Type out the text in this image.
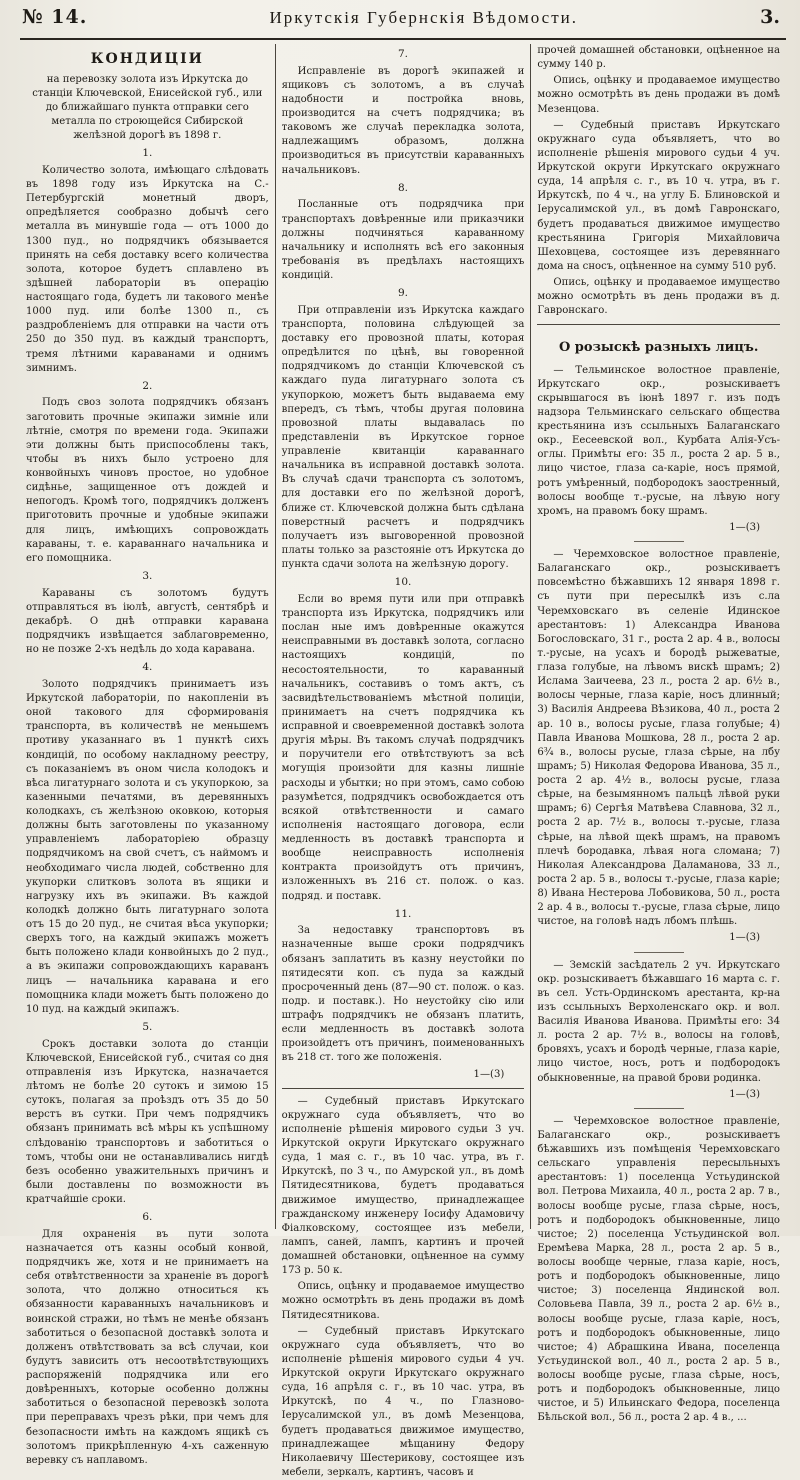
№ 14.	Иркутскiя Губернскiя Вѣдомости.	3.
КОНДИЦIИ

на перевозку золота изъ Иркутска до станцiи Ключевской, Енисейской губ., или до ближайшаго пункта отправки сего металла по строющейся Сибирской желѣзной дорогѣ въ 1898 г.

1.

Количество золота, имѣющаго слѣдовать въ 1898 году изъ Иркутска на С.-Петербургскiй монетный дворъ, опредѣляется сообразно добычѣ сего металла въ минувшiе года — отъ 1000 до 1300 пуд., но подрядчикъ обязывается принять на себя доставку всего количества золота, которое будетъ сплавлено въ здѣшней лабораторiи въ операцiю настоящаго года, будетъ ли такового менѣе 1000 пуд. или болѣе 1300 п., съ раздробленiемъ для отправки на части отъ 250 до 350 пуд. въ каждый транспортъ, тремя лѣтними караванами и однимъ зимнимъ.

2.

Подъ своз золота подрядчикъ обязанъ заготовить прочные экипажи зимнiе или лѣтнiе, смотря по времени года. Экипажи эти должны быть приспособлены такъ, чтобы въ нихъ было устроено для конвойныхъ чиновъ простое, но удобное сидѣнье, защищенное отъ дождей и непогодъ. Кромѣ того, подрядчикъ долженъ приготовить прочные и удобные экипажи для лицъ, имѣющихъ сопровождать караваны, т. е. караваннаго начальника и его помощника.

3.

Караваны съ золотомъ будутъ отправляться въ iюлѣ, августѣ, сентябрѣ и декабрѣ. О днѣ отправки каравана подрядчикъ извѣщается заблаговременно, но не позже 2-хъ недѣль до хода каравана.

4.

Золото подрядчикъ принимаетъ изъ Иркутской лабораторiи, по накопленiи въ оной такового для сформированiя транспорта, въ количествѣ не меньшемъ противу указаннаго въ 1 пунктѣ сихъ кондицiй, по особому накладному реестру, съ показанiемъ въ оном числа колодокъ и вѣса лигатурнаго золота и съ укупоркою, за казенными печатями, въ деревянныхъ колодкахъ, съ желѣзною оковкою, которыя должны быть заготовлены по указанному управленiемъ лабораторiею образцу подрядчикомъ на свой счетъ, съ наймомъ и необходимаго числа людей, собственно для укупорки слитковъ золота въ ящики и нагрузку ихъ въ экипажи. Въ каждой колодкѣ должно быть лигатурнаго золота отъ 15 до 20 пуд., не считая вѣса укупорки; сверхъ того, на каждый экипажъ можетъ быть положено клади конвойныхъ до 2 пуд., а въ экипажи сопровождающихъ караванъ лицъ — начальника каравана и его помощника клади можетъ быть положено до 10 пуд. на каждый экипажъ.

5.

Срокъ доставки золота до станцiи Ключевской, Енисейской губ., считая со дня отправленiя изъ Иркутска, назначается лѣтомъ не болѣе 20 сутокъ и зимою 15 сутокъ, полагая за проѣздъ отъ 35 до 50 верстъ въ сутки. При чемъ подрядчикъ обязанъ принимать всѣ мѣры къ успѣшному слѣдованiю транспортовъ и заботиться о томъ, чтобы они не останавливались нигдѣ безъ особенно уважительныхъ причинъ и были доставлены по возможности въ кратчайшiе сроки.

6.

Для охраненiя въ пути золота назначается отъ казны особый конвой, подрядчикъ же, хотя и не принимаетъ на себя отвѣтственности за храненiе въ дорогѣ золота, что должно относиться къ обязанности караванныхъ начальниковъ и воинской стражи, но тѣмъ не менѣе обязанъ заботиться о безопасной доставкѣ золота и долженъ отвѣтствовать за всѣ случаи, кои будутъ зависить отъ несоотвѣтствующихъ распоряженiй подрядчика или его довѣренныхъ, которые особенно должны заботиться о безопасной перевозкѣ золота при переправахъ чрезъ рѣки, при чемъ для безопасности имѣть на каждомъ ящикѣ съ золотомъ прикрѣпленную 4-хъ саженную веревку съ наплавомъ.

7.

Исправленiе въ дорогѣ экипажей и ящиковъ съ золотомъ, а въ случаѣ надобности и постройка вновь, производится на счетъ подрядчика; въ таковомъ же случаѣ перекладка золота, надлежащимъ образомъ, должна производиться въ присутствiи караванныхъ начальниковъ.

8.

Посланные отъ подрядчика при транспортахъ довѣренные или приказчики должны подчиняться караванному начальнику и исполнять всѣ его законныя требованiя въ предѣлахъ настоящихъ кондицiй.

9.

При отправленiи изъ Иркутска каждаго транспорта, половина слѣдующей за доставку его провозной платы, которая опредѣлится по цѣнѣ, вы говоренной подрядчикомъ до станцiи Ключевской съ каждаго пуда лигатурнаго золота съ укупоркою, можетъ быть выдаваема ему впередъ, съ тѣмъ, чтобы другая половина провозной платы выдавалась по представленiи въ Иркутское горное управленiе квитанцiи караваннаго начальника въ исправной доставкѣ золота. Въ случаѣ сдачи транспорта съ золотомъ, для доставки его по желѣзной дорогѣ, ближе ст. Ключевской должна быть сдѣлана поверстный расчетъ и подрядчикъ получаетъ изъ выговоренной провозной платы только за разстоянiе отъ Иркутска до пункта сдачи золота на желѣзную дорогу.

10.

Если во время пути или при отправкѣ транспорта изъ Иркутска, подрядчикъ или послан ные имъ довѣренные окажутся неисправными въ доставкѣ золота, согласно настоящихъ кондицiй, по несостоятельности, то караванный начальникъ, составивъ о томъ актъ, съ засвидѣтельствованiемъ мѣстной полицiи, принимаетъ на счетъ подрядчика къ исправной и своевременной доставкѣ золота другiя мѣры. Въ такомъ случаѣ подрядчикъ и поручители его отвѣтствуютъ за всѣ могущiя произойти для казны лишнiе расходы и убытки; но при этомъ, само собою разумѣется, подрядчикъ освобождается отъ всякой отвѣтственности и самаго исполненiя настоящаго договора, если медленность въ доставкѣ транспорта и вообще неисправность исполненiя контракта произойдутъ отъ причинъ, изложенныхъ въ 216 ст. полож. о каз. подряд. и поставк.

11.

За недоставку транспортовъ въ назначенные выше сроки подрядчикъ обязанъ заплатить въ казну неустойки по пятидесяти коп. съ пуда за каждый просроченный день (87—90 ст. полож. о каз. подр. и поставк.). Но неустойку сiю или штрафъ подрядчикъ не обязанъ платить, если медленность въ доставкѣ золота произойдетъ отъ причинъ, поименованныхъ въ 218 ст. того же положенiя.

1—(3)

— Судебный приставъ Иркутскаго окружнаго суда объявляетъ, что во исполненiе рѣшенiя мирового судьи 3 уч. Иркутской округи Иркутскаго окружнаго суда, 1 мая с. г., въ 10 час. утра, въ г. Иркутскѣ, по 3 ч., по Амурской ул., въ домѣ Пятидесятникова, будетъ продаваться движимое имущество, принадлежащее гражданскому инженеру Iосифу Адамовичу Фiалковскому, состоящее изъ мебели, лампъ, саней, лампъ, картинъ и прочей домашней обстановки, оцѣненное на сумму 173 р. 50 к.

Опись, оцѣнку и продаваемое имущество можно осмотрѣть въ день продажи въ домѣ Пятидесятникова.

— Судебный приставъ Иркутскаго окружнаго суда объявляетъ, что во исполненiе рѣшенiя мирового судьи 4 уч. Иркутской округи Иркутскаго окружнаго суда, 16 апрѣля с. г., въ 10 час. утра, въ Иркутскѣ, по 4 ч., по Глазново-Iерусалимской ул., въ домѣ Мезенцова, будетъ продаваться движимое имущество, принадлежащее мѣщанину Федору Николаевичу Шестерикову, состоящее изъ мебели, зеркалъ, картинъ, часовъ и

прочей домашней обстановки, оцѣненное на сумму 140 р.

Опись, оцѣнку и продаваемое имущество можно осмотрѣть въ день продажи въ домѣ Мезенцова.

— Судебный приставъ Иркутскаго окружнаго суда объявляетъ, что во исполненiе рѣшенiя мирового судьи 4 уч. Иркутской округи Иркутскаго окружнаго суда, 14 апрѣля с. г., въ 10 ч. утра, въ г. Иркутскѣ, по 4 ч., на углу Б. Блиновской и Iерусалимской ул., въ домѣ Гавронскаго, будетъ продаваться движимое имущество крестьянина Григорiя Михайловича Шеховцева, состоящее изъ деревяннаго дома на сносъ, оцѣненное на сумму 510 руб.

Опись, оцѣнку и продаваемое имущество можно осмотрѣть въ день продажи въ д. Гавронскаго.

О розыскѣ разныхъ лицъ.

— Тельминское волостное правленiе, Иркутскаго окр., розыскиваетъ скрывшагося въ iюнѣ 1897 г. изъ подъ надзора Тельминскаго сельскаго общества крестьянина изъ ссыльныхъ Балаганскаго окр., Еесеевской вол., Курбата Алiя-Усъ-оглы. Примѣты его: 35 л., роста 2 ар. 5 в., лицо чистое, глаза са-карiе, носъ прямой, ротъ умѣренный, подбородокъ заостренный, волосы вообще т.-русые, на лѣвую ногу хромъ, на правомъ боку шрамъ.

1—(3)

— Черемховское волостное правленiе, Балаганскаго окр., розыскиваетъ повсемѣстно бѣжавшихъ 12 января 1898 г. съ пути при пересылкѣ изъ с.ла Черемховскаго въ селенiе Идинское арестантовъ: 1) Александра Иванова Богословскаго, 31 г., роста 2 ар. 4 в., волосы т.-русые, на усахъ и бородѣ рыжеватые, глаза голубые, на лѣвомъ вискѣ шрамъ; 2) Ислама Заичеева, 23 л., роста 2 ар. 6½ в., волосы черные, глаза карiе, носъ длинный; 3) Василiя Андреева Вѣзикова, 40 л., роста 2 ар. 10 в., волосы русые, глаза голубые; 4) Павла Иванова Мошкова, 28 л., роста 2 ар. 6¾ в., волосы русые, глаза сѣрые, на лбу шрамъ; 5) Николая Федорова Иванова, 35 л., роста 2 ар. 4½ в., волосы русые, глаза сѣрые, на безымянномъ пальцѣ лѣвой руки шрамъ; 6) Сергѣя Матвѣева Славнова, 32 л., роста 2 ар. 7½ в., волосы т.-русые, глаза сѣрые, на лѣвой щекѣ шрамъ, на правомъ плечѣ бородавка, лѣвая нога сломана; 7) Николая Александрова Даламанова, 33 л., роста 2 ар. 5 в., волосы т.-русые, глаза карiе; 8) Ивана Нестерова Лобовикова, 50 л., роста 2 ар. 4 в., волосы т.-русые, глаза сѣрые, лицо чистое, на головѣ надъ лбомъ плѣшь.

1—(3)

— Земскiй засѣдатель 2 уч. Иркутскаго окр. розыскиваетъ бѣжавшаго 16 марта с. г. въ сел. Усть-Ординскомъ арестанта, кр-на изъ ссыльныхъ Верхоленскаго окр. и вол. Василiя Иванова Иванова. Примѣты его: 34 л. роста 2 ар. 7½ в., волосы на головѣ, бровяхъ, усахъ и бородѣ черные, глаза карiе, лицо чистое, носъ, ротъ и подбородокъ обыкновенные, на правой брови родинка.

1—(3)

— Черемховское волостное правленiе, Балаганскаго окр., розыскиваетъ бѣжавшихъ изъ помѣщенiя Черемховскаго сельскаго управленiя пересыльныхъ арестантовъ: 1) поселенца Устьудинской вол. Петрова Михаила, 40 л., роста 2 ар. 7 в., волосы вообще русые, глаза сѣрые, носъ, ротъ и подбородокъ обыкновенные, лицо чистое; 2) поселенца Устьудинской вол. Еремѣева Марка, 28 л., роста 2 ар. 5 в., волосы вообще черные, глаза карiе, носъ, ротъ и подбородокъ обыкновенные, лицо чистое; 3) поселенца Яндинской вол. Соловьева Павла, 39 л., роста 2 ар. 6½ в., волосы вообще русые, глаза карiе, носъ, ротъ и подбородокъ обыкновенные, лицо чистое; 4) Абрашкина Ивана, поселенца Устьудинской вол., 40 л., роста 2 ар. 5 в., волосы вообще русые, глаза сѣрые, носъ, ротъ и подбородокъ обыкновенные, лицо чистое, и 5) Ильинскаго Федора, поселенца Бѣльской вол., 56 л., роста 2 ар. 4 в., ...
